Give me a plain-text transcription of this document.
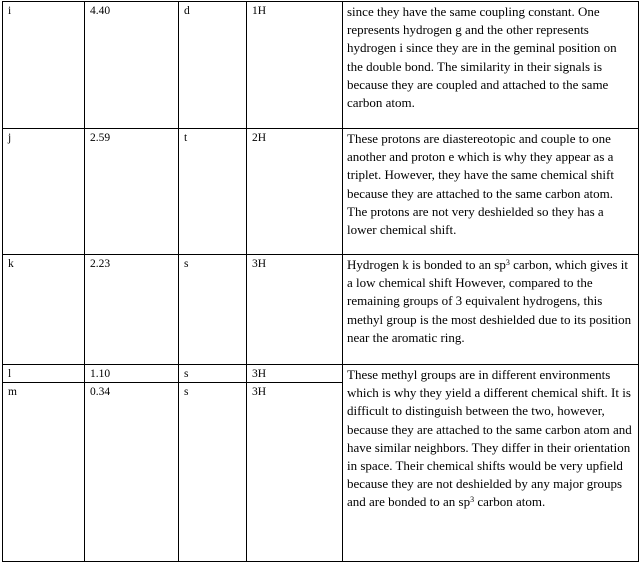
i	4.40	d	1H	since they have the same coupling constant. One represents hydrogen g and the other represents hydrogen i since they are in the geminal position on the double bond. The similarity in their signals is because they are coupled and attached to the same carbon atom.
j	2.59	t	2H	These protons are diastereotopic and couple to one another and proton e which is why they appear as a triplet. However, they have the same chemical shift because they are attached to the same carbon atom. The protons are not very deshielded so they has a lower chemical shift.
k	2.23	s	3H	Hydrogen k is bonded to an $sp^3$ carbon, which gives it a low chemical shift However, compared to the remaining groups of 3 equivalent hydrogens, this methyl group is the most deshielded due to its position near the aromatic ring.
l	1.10	s	3H	These methyl groups are in different environments which is why they yield a different chemical shift. It is difficult to distinguish between the two, however, because they are attached to the same carbon atom and have similar neighbors. They differ in their orientation in space. Their chemical shifts would be very upfield because they are not deshielded by any major groups and are bonded to an $sp^3$ carbon atom.
m	0.34	s	3H	
